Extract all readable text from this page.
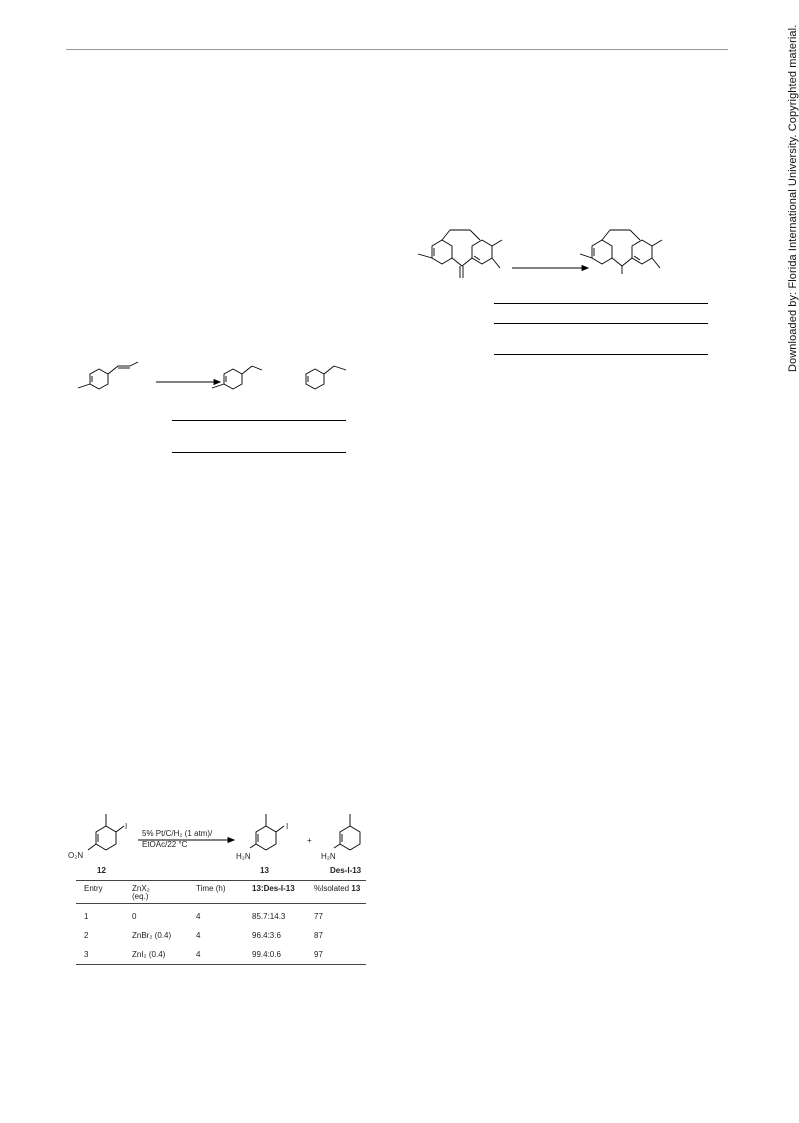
Downloaded by: Florida International University. Copyrighted material.
5% Pt/C/H₂ (1 atm)/
EtOAc/22 °C
O₂N
I
12
H₂N
I
13
+
H₂N
Des-I-13
Entry	ZnX₂
(eq.)
Time (h)	13:Des-I-13	%Isolated 13
1	0	4	85.7:14.3	77
2	ZnBr₂ (0.4)	4	96.4:3.6	87
3	ZnI₂ (0.4)	4	99.4:0.6	97
